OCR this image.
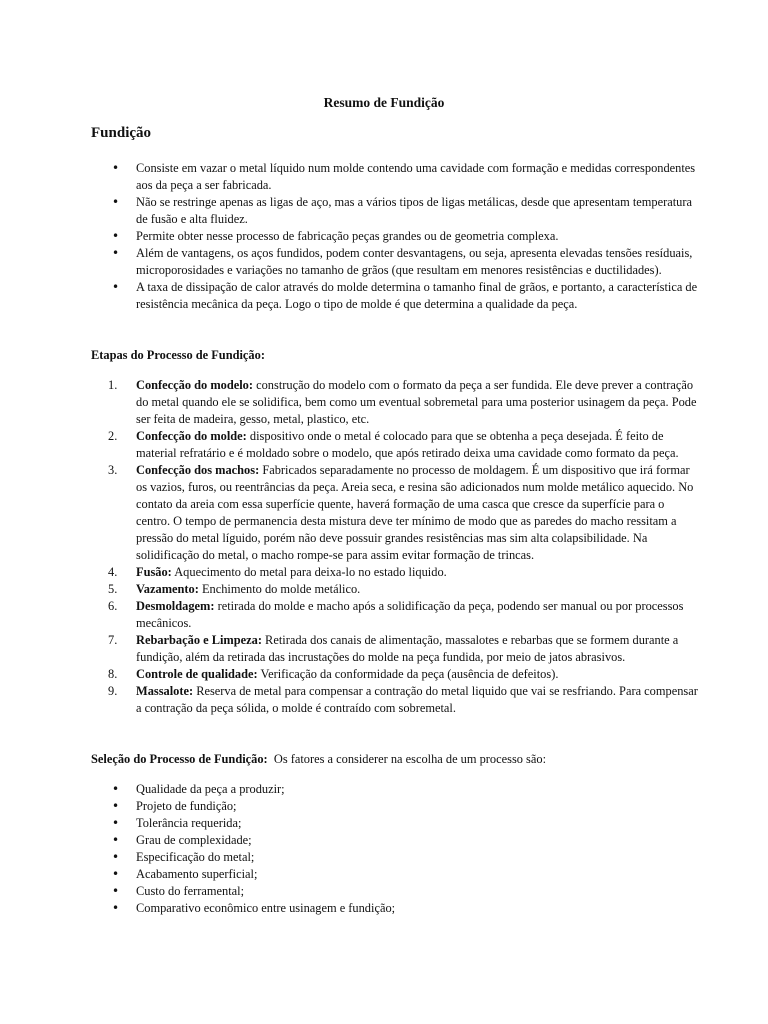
Resumo de Fundição
Fundição
• Consiste em vazar o metal líquido num molde contendo uma cavidade com formação e medidas correspondentes aos da peça a ser fabricada.
• Não se restringe apenas as ligas de aço, mas a vários tipos de ligas metálicas, desde que apresentam temperatura de fusão e alta fluidez.
• Permite obter nesse processo de fabricação peças grandes ou de geometria complexa.
• Além de vantagens, os aços fundidos, podem conter desvantagens, ou seja, apresenta elevadas tensões resíduais, microporosidades e variações no tamanho de grãos (que resultam em menores resistências e ductilidades).
• A taxa de dissipação de calor através do molde determina o tamanho final de grãos, e portanto, a característica de resistência mecânica da peça. Logo o tipo de molde é que determina a qualidade da peça.
Etapas do Processo de Fundição:
1.	Confecção do modelo: construção do modelo com o formato da peça a ser fundida. Ele deve prever a contração do metal quando ele se solidifica, bem como um eventual sobremetal para uma posterior usinagem da peça. Pode ser feita de madeira, gesso, metal, plastico, etc.
2.	Confecção do molde: dispositivo onde o metal é colocado para que se obtenha a peça desejada. É feito de material refratário e é moldado sobre o modelo, que após retirado deixa uma cavidade como formato da peça.
3.	Confecção dos machos: Fabricados separadamente no processo de moldagem. É um dispositivo que irá formar os vazios, furos, ou reentrâncias da peça. Areia seca, e resina são adicionados num molde metálico aquecido. No contato da areia com essa superfície quente, haverá formação de uma casca que cresce da superfície para o centro. O tempo de permanencia desta mistura deve ter mínimo de modo que as paredes do macho ressitam a pressão do metal líguido, porém não deve possuir grandes resistências mas sim alta colapsibilidade. Na solidificação do metal, o macho rompe-se para assim evitar formação de trincas.
4.	Fusão: Aquecimento do metal para deixa-lo no estado liquido.
5.	Vazamento: Enchimento do molde metálico.
6.	Desmoldagem: retirada do molde e macho após a solidificação da peça, podendo ser manual ou por processos mecânicos.
7.	Rebarbação e Limpeza: Retirada dos canais de alimentação, massalotes e rebarbas que se formem durante a fundição, além da retirada das incrustações do molde na peça fundida, por meio de jatos abrasivos.
8.	Controle de qualidade: Verificação da conformidade da peça (ausência de defeitos).
9.	Massalote: Reserva de metal para compensar a contração do metal liquido que vai se resfriando. Para compensar a contração da peça sólida, o molde é contraído com sobremetal.
Seleção do Processo de Fundição:  Os fatores a considerer na escolha de um processo são:
• Qualidade da peça a produzir;
• Projeto de fundição;
• Tolerância requerida;
• Grau de complexidade;
• Especificação do metal;
• Acabamento superficial;
• Custo do ferramental;
• Comparativo econômico entre usinagem e fundição;
